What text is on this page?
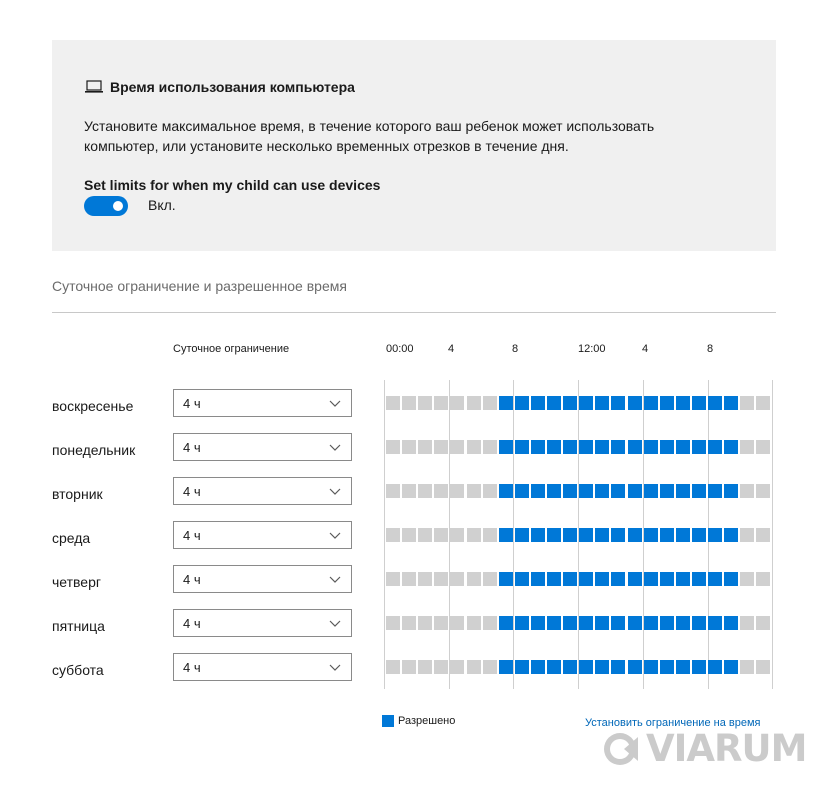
Время использования компьютера
Установите максимальное время, в течение которого ваш ребенок может использовать компьютер, или установите несколько временных отрезков в течение дня.
Set limits for when my child can use devices
Вкл.
Суточное ограничение и разрешенное время
Суточное ограничение	00:00	4	8	12:00	4	8
воскресенье	4 ч
понедельник	4 ч
вторник	4 ч
среда	4 ч
четверг	4 ч
пятница	4 ч
суббота	4 ч
Разрешено	Установить ограничение на время
VIARUM
